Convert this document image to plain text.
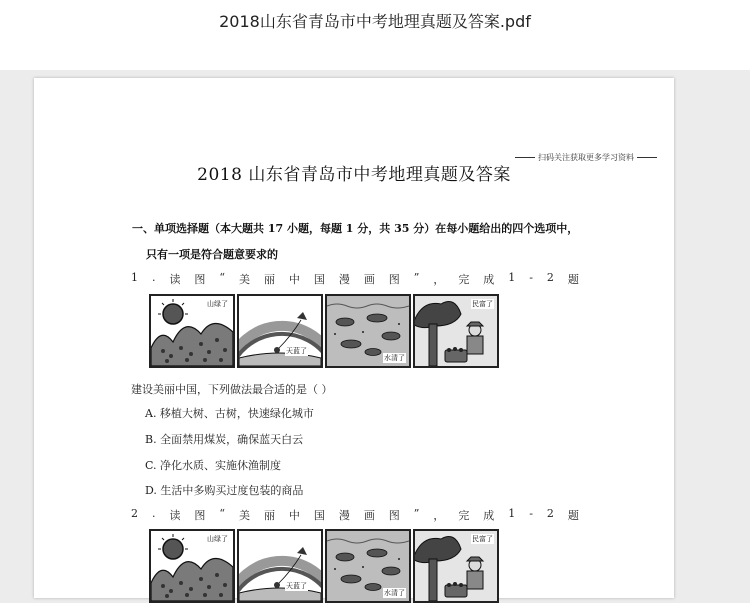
2018山东省青岛市中考地理真题及答案.pdf
扫码关注获取更多学习资料
2018 山东省青岛市中考地理真题及答案
一、单项选择题（本大题共 17 小题，每题 1 分，共 35 分）在每小题给出的四个选项中，
只有一项是符合题意要求的
1 . 读 图 “ 美 丽 中 国 漫 画 图 ” ， 完 成 1 - 2 题
山绿了
天蓝了
水清了
民富了
建设美丽中国，下列做法最合适的是（ ）
A. 移植大树、古树，快速绿化城市
B. 全面禁用煤炭，确保蓝天白云
C. 净化水质、实施休渔制度
D. 生活中多购买过度包装的商品
2 . 读 图 “ 美 丽 中 国 漫 画 图 ” ， 完 成 1 - 2 题
山绿了
天蓝了
水清了
民富了
